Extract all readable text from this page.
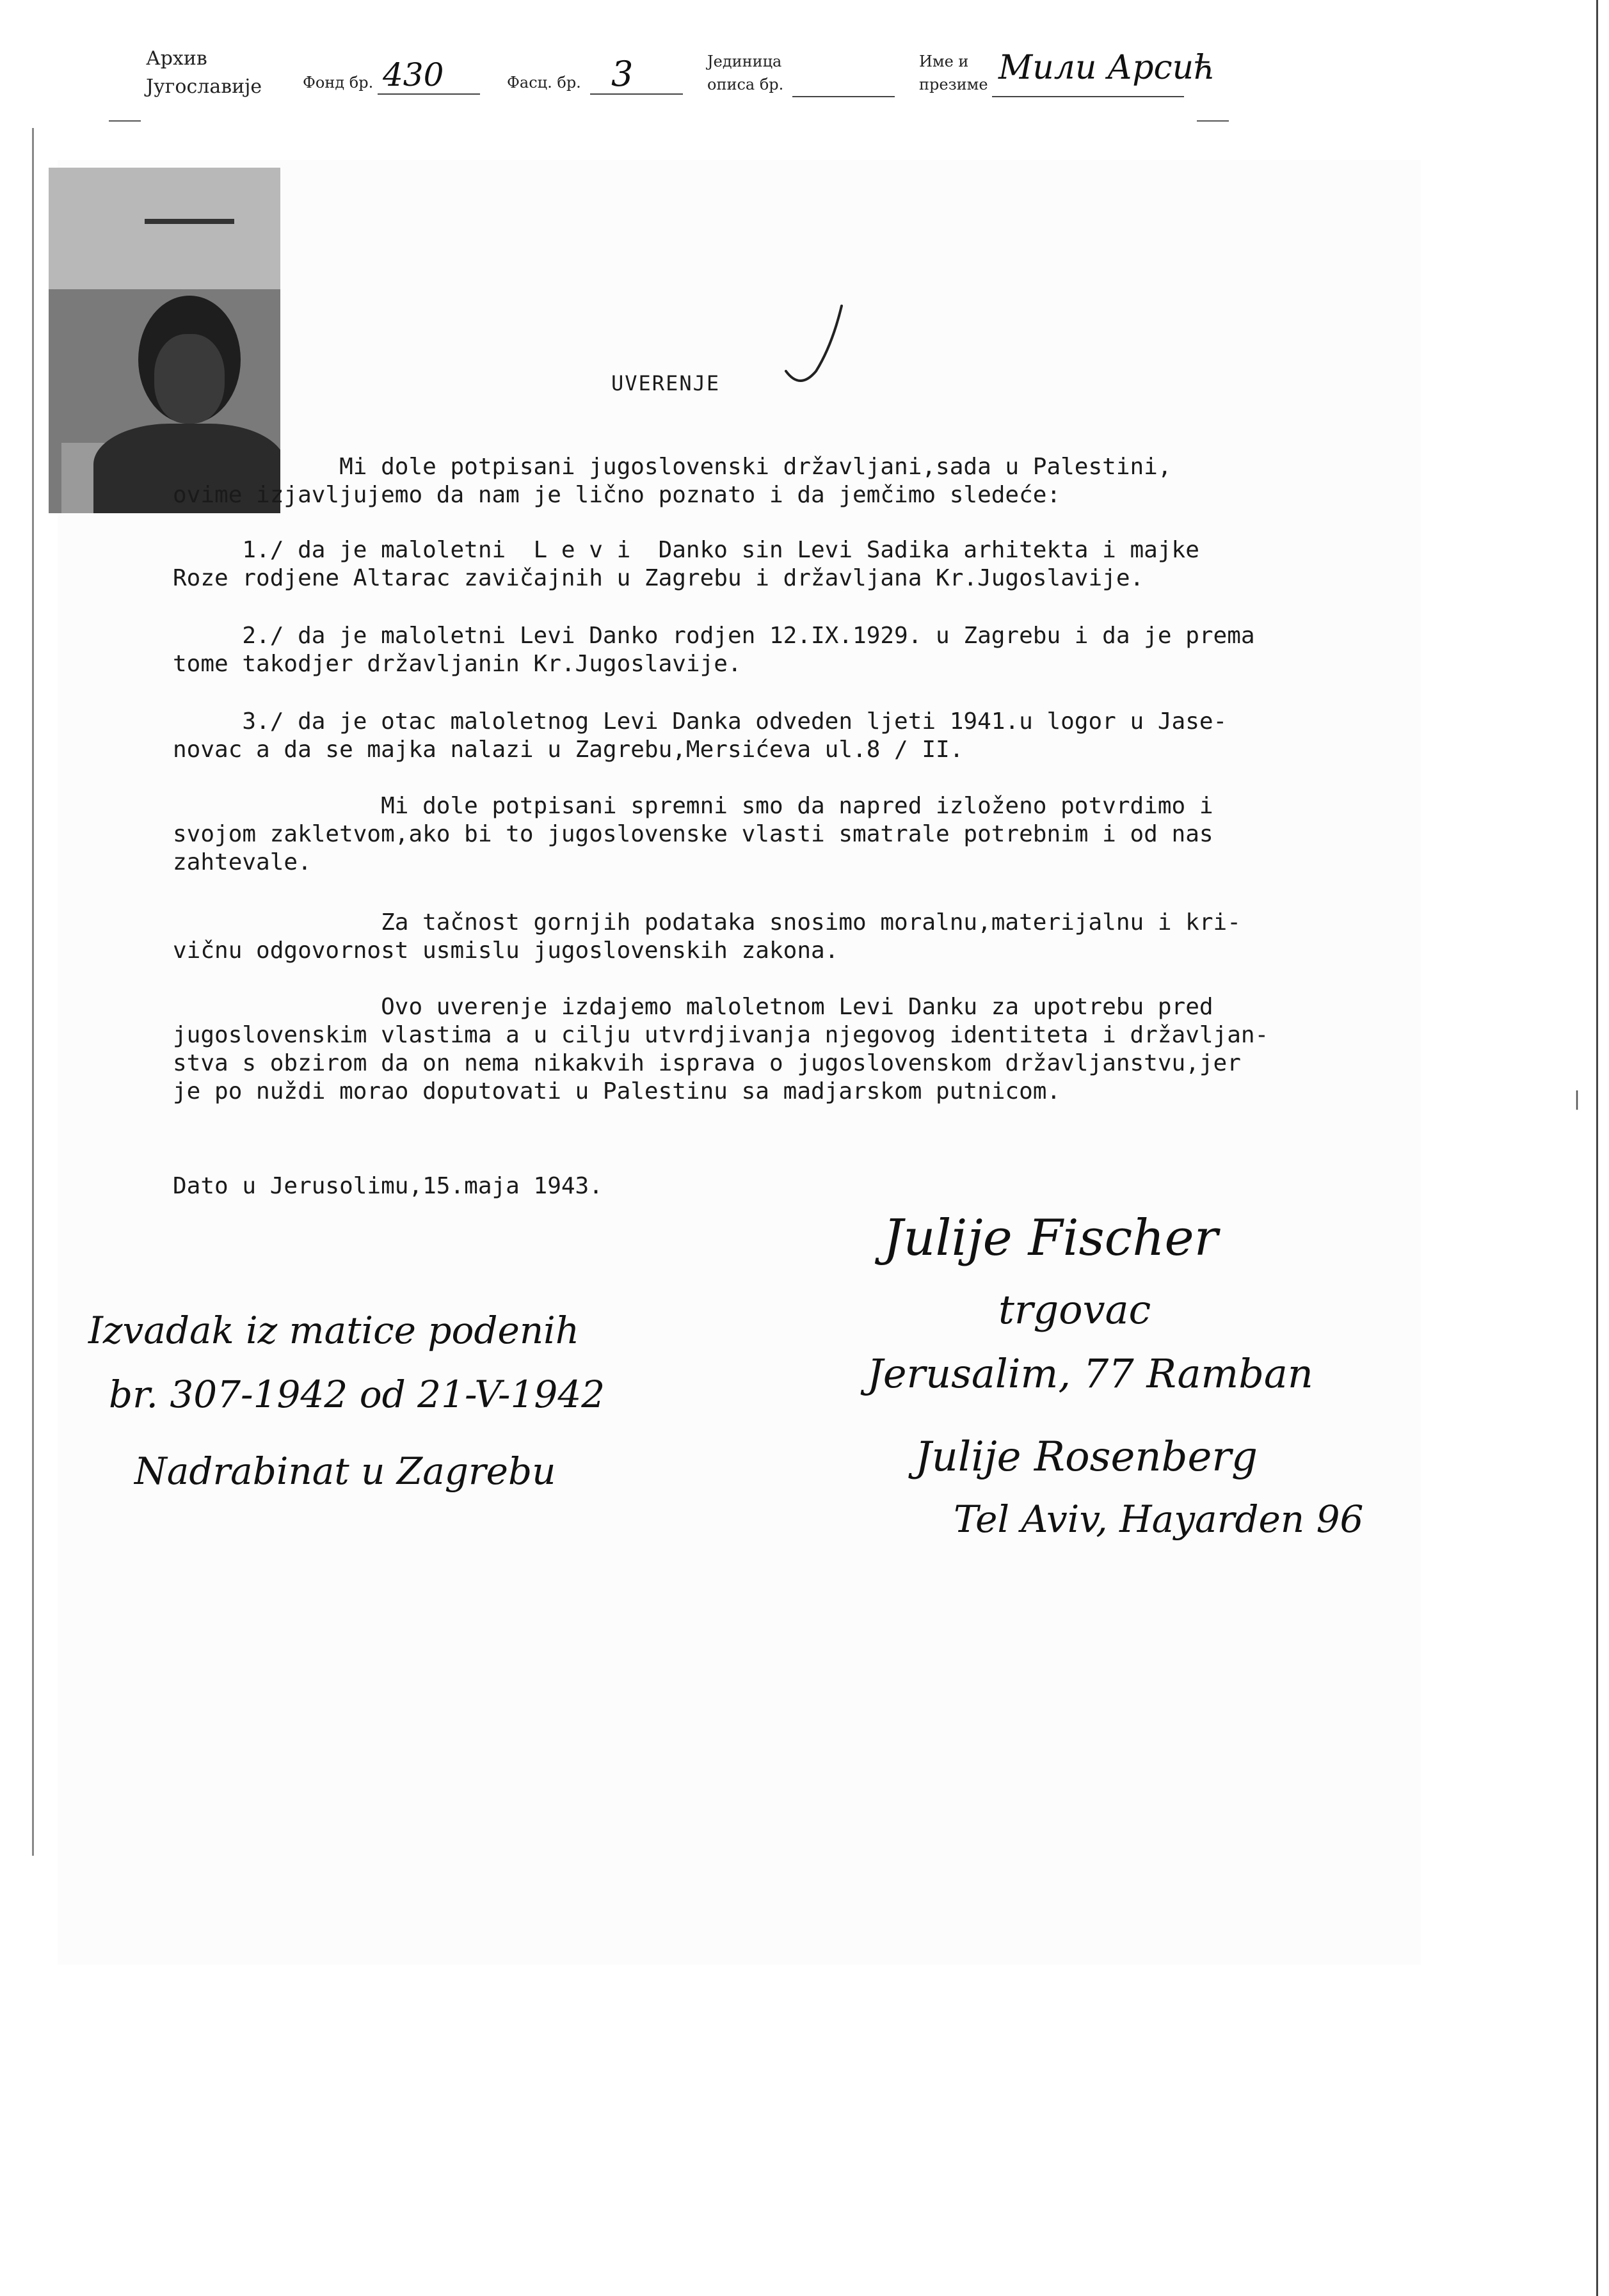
Архив
Југославије	Фонд бр. 430	Фасц. бр. 3	Јединица
описа бр.
Име и
презиме Мили Арсић
UVERENJE
Mi dole potpisani jugoslovenski državljani,sada u Palestini,
ovime izjavljujemo da nam je lično poznato i da jemčimo sledeće:
1./ da je maloletni  L e v i  Danko sin Levi Sadika arhitekta i majke
Roze rodjene Altarac zavičajnih u Zagrebu i državljana Kr.Jugoslavije.
2./ da je maloletni Levi Danko rodjen 12.IX.1929. u Zagrebu i da je prema
tome takodjer državljanin Kr.Jugoslavije.
3./ da je otac maloletnog Levi Danka odveden ljeti 1941.u logor u Jase-
novac a da se majka nalazi u Zagrebu,Mersićeva ul.8 / II.
Mi dole potpisani spremni smo da napred izloženo potvrdimo i
svojom zakletvom,ako bi to jugoslovenske vlasti smatrale potrebnim i od nas
zahtevale.
Za tačnost gornjih podataka snosimo moralnu,materijalnu i kri-
vičnu odgovornost usmislu jugoslovenskih zakona.
Ovo uverenje izdajemo maloletnom Levi Danku za upotrebu pred
jugoslovenskim vlastima a u cilju utvrdjivanja njegovog identiteta i državljan-
stva s obzirom da on nema nikakvih isprava o jugoslovenskom državljanstvu,jer
je po nuždi morao doputovati u Palestinu sa madjarskom putnicom.
Dato u Jerusolimu,15.maja 1943.
Izvadak iz matice podenih
br. 307-1942 od 21-V-1942
Nadrabinat u Zagrebu
Julije Fischer
trgovac
Jerusalim, 77 Ramban
Julije Rosenberg
Tel Aviv, Hayarden 96
|
